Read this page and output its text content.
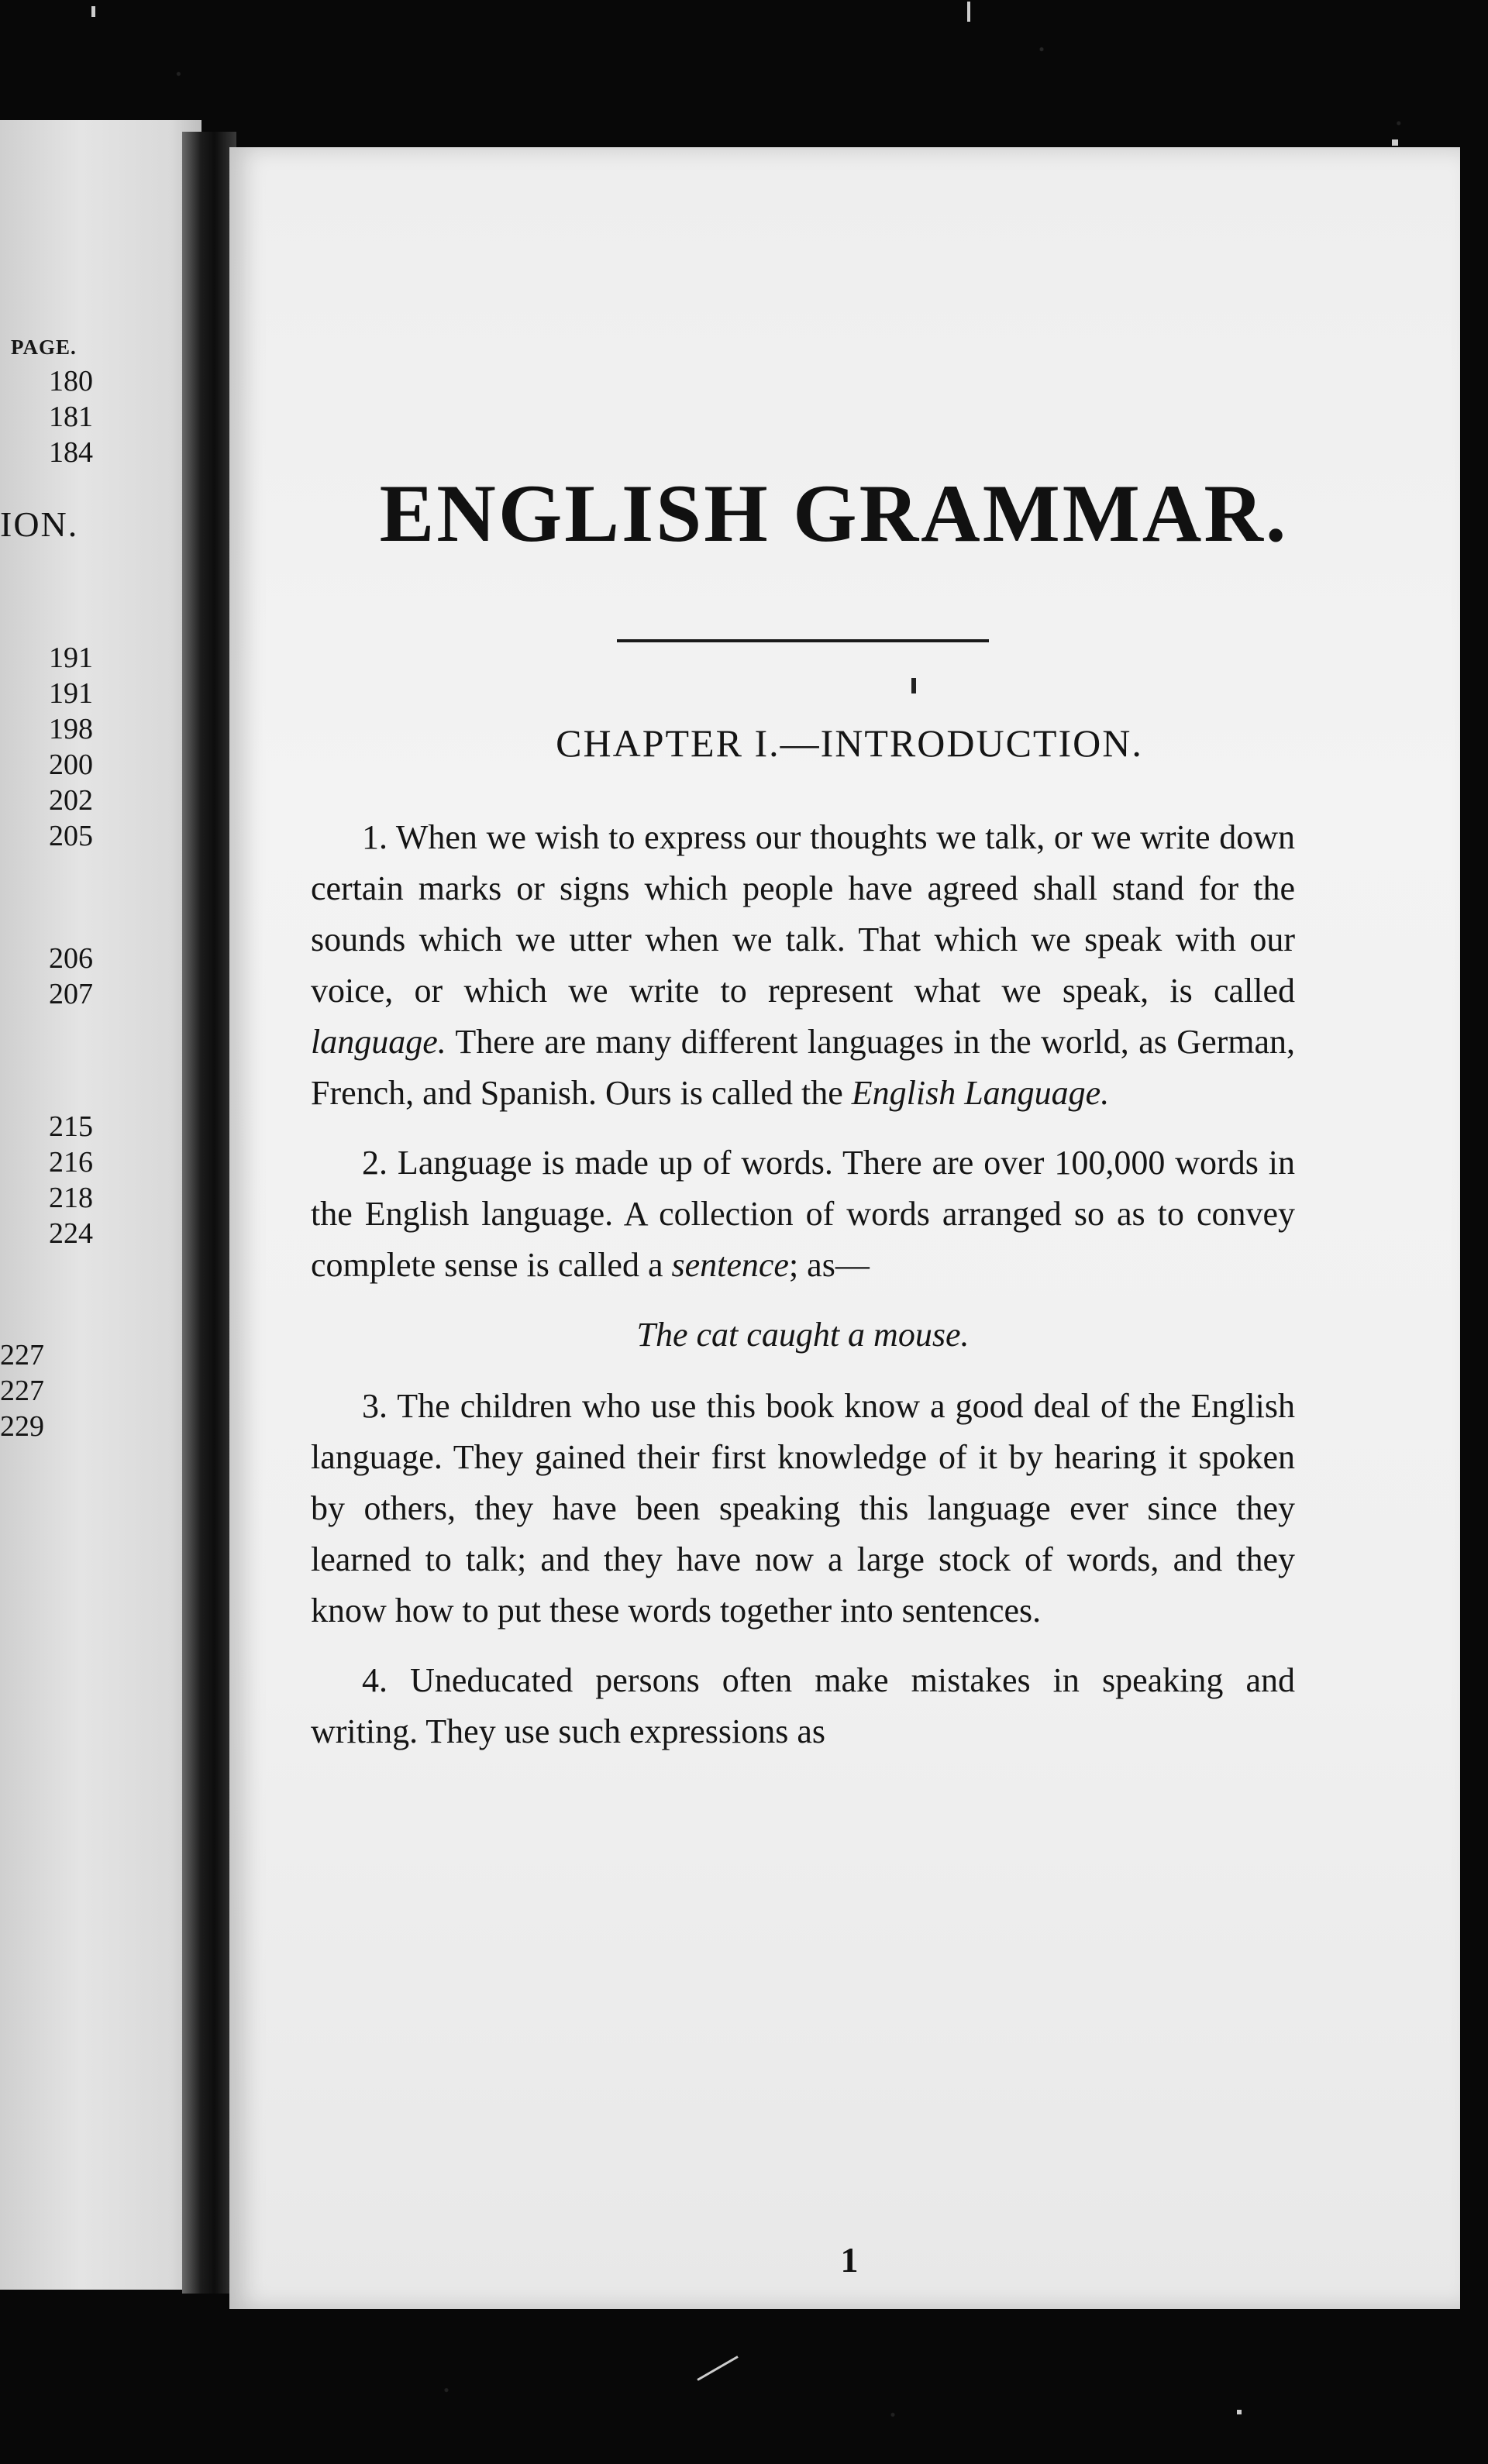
PAGE.
180
181
184
ION.
191
191
198
200
202
205
206
207
215
216
218
224
227
227
229
ENGLISH GRAMMAR.
CHAPTER I.—INTRODUCTION.

1. When we wish to express our thoughts we talk, or we write down certain marks or signs which people have agreed shall stand for the sounds which we utter when we talk. That which we speak with our voice, or which we write to represent what we speak, is called language. There are many different languages in the world, as German, French, and Spanish. Ours is called the English Language.

2. Language is made up of words. There are over 100,000 words in the English language. A collection of words arranged so as to convey complete sense is called a sentence; as—

The cat caught a mouse.

3. The children who use this book know a good deal of the English language. They gained their first knowledge of it by hearing it spoken by others, they have been speaking this language ever since they learned to talk; and they have now a large stock of words, and they know how to put these words together into sentences.

4. Uneducated persons often make mistakes in speaking and writing. They use such expressions as

1
